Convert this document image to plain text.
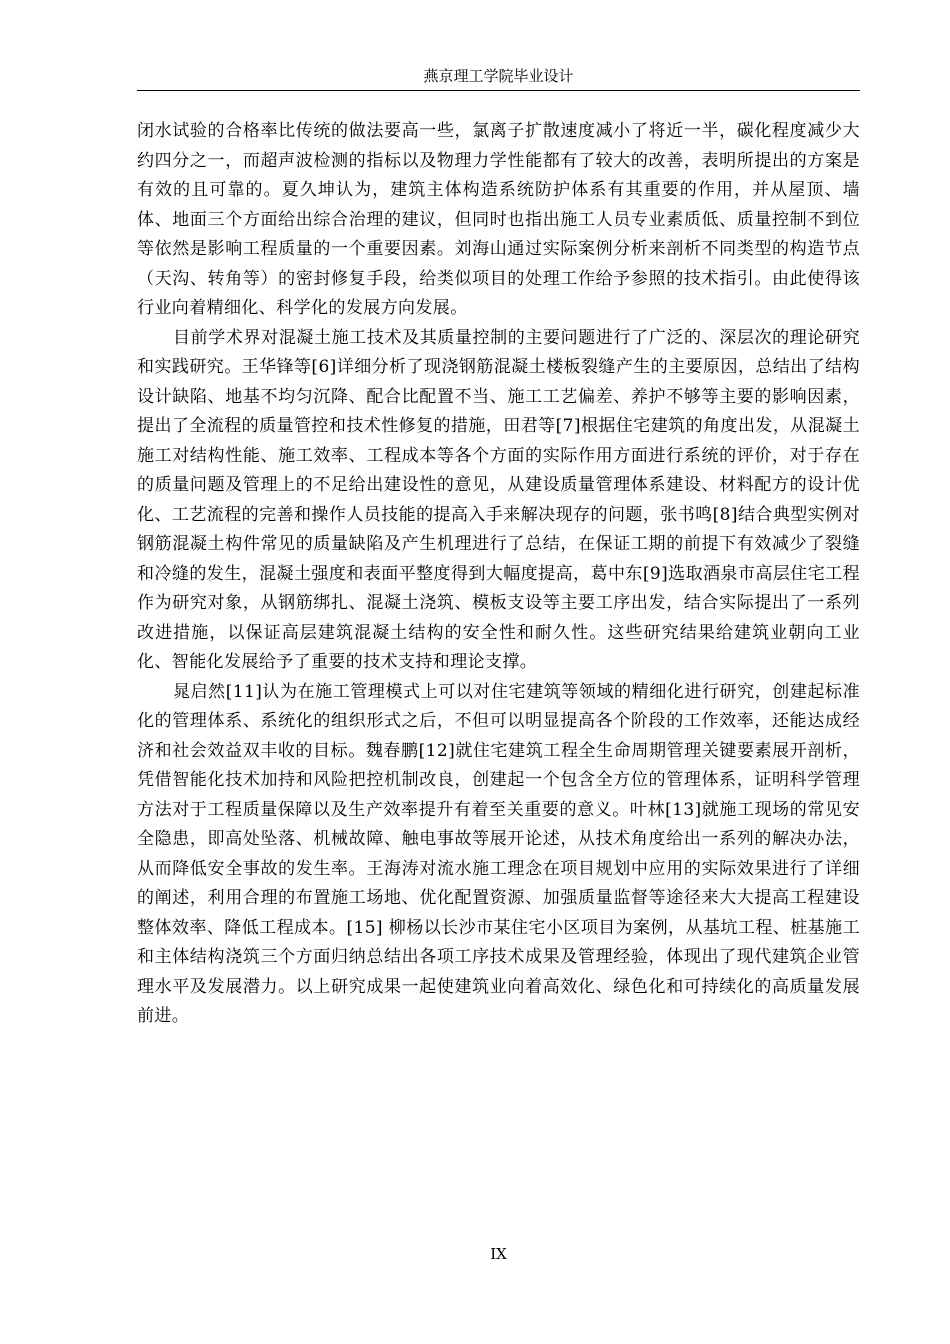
燕京理工学院毕业设计

闭水试验的合格率比传统的做法要高一些，氯离子扩散速度减小了将近一半，碳化程度减少大约四分之一，而超声波检测的指标以及物理力学性能都有了较大的改善，表明所提出的方案是有效的且可靠的。夏久坤认为，建筑主体构造系统防护体系有其重要的作用，并从屋顶、墙体、地面三个方面给出综合治理的建议，但同时也指出施工人员专业素质低、质量控制不到位等依然是影响工程质量的一个重要因素。刘海山通过实际案例分析来剖析不同类型的构造节点（天沟、转角等）的密封修复手段，给类似项目的处理工作给予参照的技术指引。由此使得该行业向着精细化、科学化的发展方向发展。

目前学术界对混凝土施工技术及其质量控制的主要问题进行了广泛的、深层次的理论研究和实践研究。王华锋等[6]详细分析了现浇钢筋混凝土楼板裂缝产生的主要原因，总结出了结构设计缺陷、地基不均匀沉降、配合比配置不当、施工工艺偏差、养护不够等主要的影响因素，提出了全流程的质量管控和技术性修复的措施，田君等[7]根据住宅建筑的角度出发，从混凝土施工对结构性能、施工效率、工程成本等各个方面的实际作用方面进行系统的评价，对于存在的质量问题及管理上的不足给出建设性的意见，从建设质量管理体系建设、材料配方的设计优化、工艺流程的完善和操作人员技能的提高入手来解决现存的问题，张书鸣[8]结合典型实例对钢筋混凝土构件常见的质量缺陷及产生机理进行了总结，在保证工期的前提下有效减少了裂缝和冷缝的发生，混凝土强度和表面平整度得到大幅度提高，葛中东[9]选取酒泉市高层住宅工程作为研究对象，从钢筋绑扎、混凝土浇筑、模板支设等主要工序出发，结合实际提出了一系列改进措施，以保证高层建筑混凝土结构的安全性和耐久性。这些研究结果给建筑业朝向工业化、智能化发展给予了重要的技术支持和理论支撑。

晁启然[11]认为在施工管理模式上可以对住宅建筑等领域的精细化进行研究，创建起标准化的管理体系、系统化的组织形式之后，不但可以明显提高各个阶段的工作效率，还能达成经济和社会效益双丰收的目标。魏春鹏[12]就住宅建筑工程全生命周期管理关键要素展开剖析，凭借智能化技术加持和风险把控机制改良，创建起一个包含全方位的管理体系，证明科学管理方法对于工程质量保障以及生产效率提升有着至关重要的意义。叶林[13]就施工现场的常见安全隐患，即高处坠落、机械故障、触电事故等展开论述，从技术角度给出一系列的解决办法，从而降低安全事故的发生率。王海涛对流水施工理念在项目规划中应用的实际效果进行了详细的阐述，利用合理的布置施工场地、优化配置资源、加强质量监督等途径来大大提高工程建设整体效率、降低工程成本。[15] 柳杨以长沙市某住宅小区项目为案例，从基坑工程、桩基施工和主体结构浇筑三个方面归纳总结出各项工序技术成果及管理经验，体现出了现代建筑企业管理水平及发展潜力。以上研究成果一起使建筑业向着高效化、绿色化和可持续化的高质量发展前进。

IX
